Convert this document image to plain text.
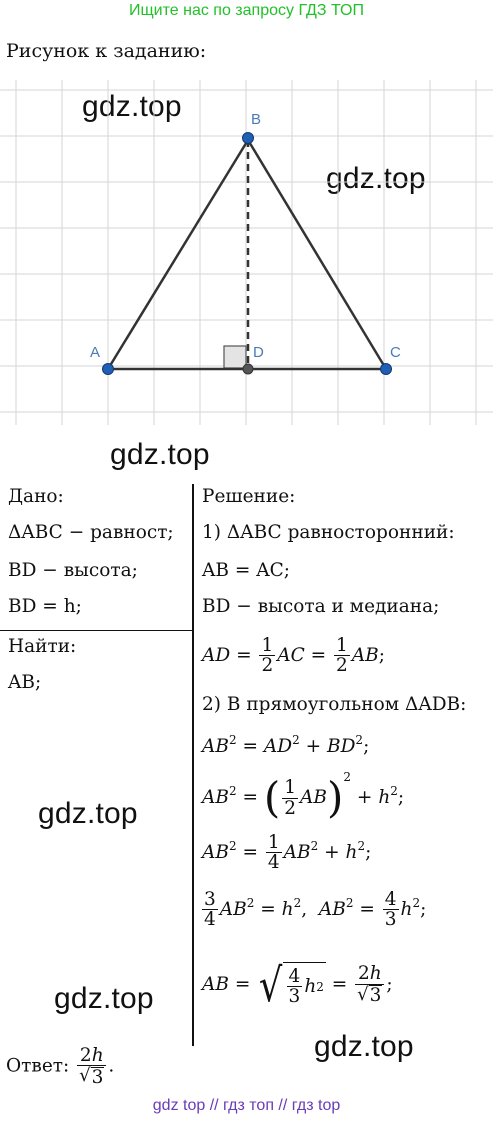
Ищите нас по запросу ГДЗ ТОП
Рисунок к заданию:
gdz.top
gdz.top
gdz.top
gdz.top
gdz.top
gdz.top
A
B
C
D
Дано:
ΔABC − равност;
BD − высота;
BD = h;
Найти:
AB;
Решение:
1) ΔABC равносторонний:
AB = AC;
BD − высота и медиана;
AD = $\frac{1}{2}$ AC = $\frac{1}{2}$ AB;
2) В прямоугольном ΔADB:
$AB^2 = AD^2 + BD^2$;
$AB^2$ = ( $\frac{1}{2} AB)^2 + h^2$;
$AB^2 = \frac{1}{4} AB^2 + h^2$;
$\frac{3}{4} AB^2 = h^2$,  $AB^2 = \frac{4}{3} h^2$;
AB = √ $\frac{4}{3}$ h $2 = \frac{2h}{√ 3}$ ;
Ответ: $\frac{2h}{√ 3}$ .
gdz top // гдз топ // гдз top
